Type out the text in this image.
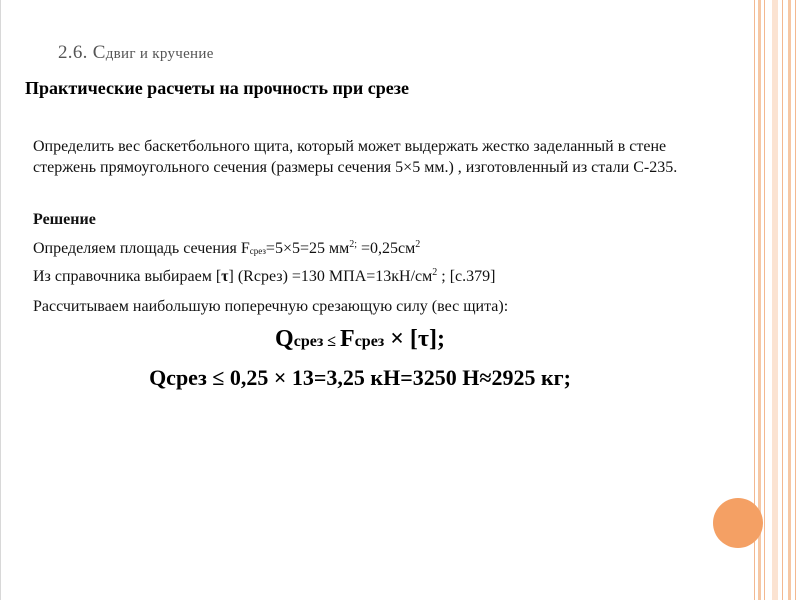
2.6. Сдвиг и кручение
Практические расчеты на прочность при срезе
Определить вес баскетбольного щита, который может выдержать жестко заделанный в стене стержень прямоугольного сечения (размеры сечения 5×5 мм.) , изготовленный из стали С-235.
Решение
Определяем площадь сечения $F_{срез}=5\times 5=25$ $мм^{2;} =0,25см^2$
Из справочника выбираем [τ] (Rсрез) =130 $МПА=13кН/см^2$ ; [с.379]
Рассчитываем наибольшую поперечную срезающую силу (вес щита):
Qсрез ≤ Fсрез × [τ];
Qсрез ≤ 0,25 × 13=3,25 кН=3250 Н≈2925 кг;
